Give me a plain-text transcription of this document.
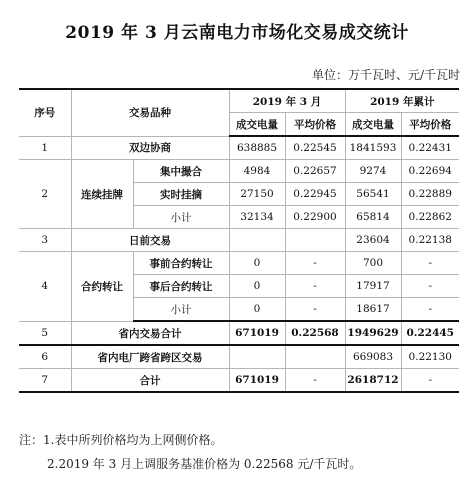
2019 年 3 月云南电力市场化交易成交统计
单位：万千瓦时、元/千瓦时
序号	交易品种		2019 年 3 月		2019 年累计	
			成交电量	平均价格	成交电量	平均价格
1	双边协商		638885	0.22545	1841593	0.22431
2	连续挂牌	集中撮合	4984	0.22657	9274	0.22694
		实时挂摘	27150	0.22945	56541	0.22889
		小计	32134	0.22900	65814	0.22862
3	日前交易				23604	0.22138
4	合约转让	事前合约转让	0	-	700	-
		事后合约转让	0	-	17917	-
		小计	0	-	18617	-
5	省内交易合计		671019	0.22568	1949629	0.22445
6	省内电厂跨省跨区交易				669083	0.22130
7	合计		671019	-	2618712	-
注：1.表中所列价格均为上网侧价格。
2.2019 年 3 月上调服务基准价格为 0.22568 元/千瓦时。
